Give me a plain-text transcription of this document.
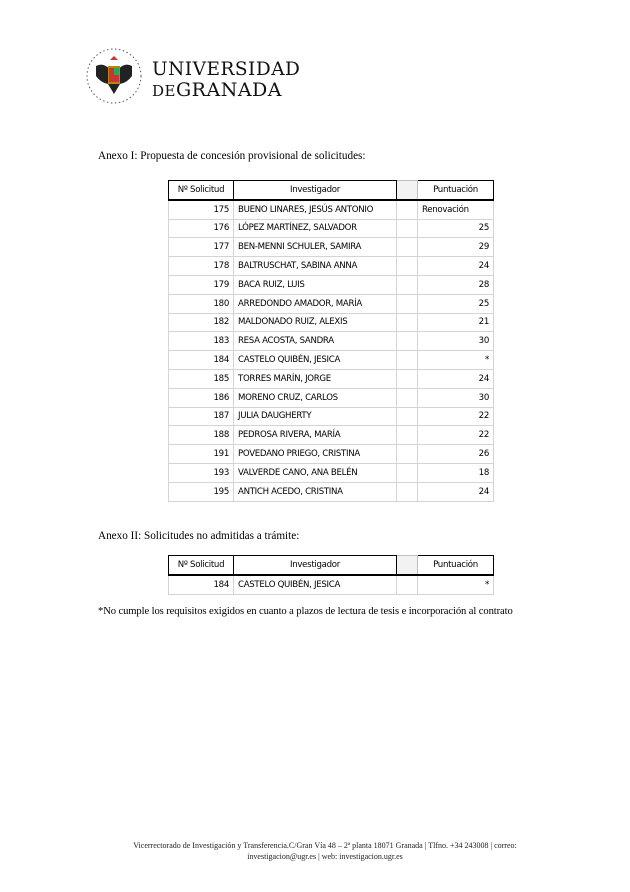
UNIVERSIDAD
DEGRANADA
Anexo I: Propuesta de concesión provisional de solicitudes:
Nº Solicitud	Investigador		Puntuación
175	BUENO LINARES, JESÚS ANTONIO		Renovación
176	LÓPEZ MARTÍNEZ, SALVADOR		25
177	BEN-MENNI SCHULER, SAMIRA		29
178	BALTRUSCHAT, SABINA ANNA		24
179	BACA RUIZ, LUIS		28
180	ARREDONDO AMADOR, MARÍA		25
182	MALDONADO RUIZ, ALEXIS		21
183	RESA ACOSTA, SANDRA		30
184	CASTELO QUIBÉN, JESICA		*
185	TORRES MARÍN, JORGE		24
186	MORENO CRUZ, CARLOS		30
187	JULIA DAUGHERTY		22
188	PEDROSA RIVERA, MARÍA		22
191	POVEDANO PRIEGO, CRISTINA		26
193	VALVERDE CANO, ANA BELÉN		18
195	ANTICH ACEDO, CRISTINA		24
Anexo II: Solicitudes no admitidas a trámite:
Nº Solicitud	Investigador		Puntuación
184	CASTELO QUIBÉN, JESICA		*
*No cumple los requisitos exigidos en cuanto a plazos de lectura de tesis e incorporación al contrato
Vicerrectorado de Investigación y Transferencia.C/Gran Vía 48 – 2ª planta 18071 Granada | Tlfno. +34 243008 | correo:
investigacion@ugr.es | web: investigacion.ugr.es
